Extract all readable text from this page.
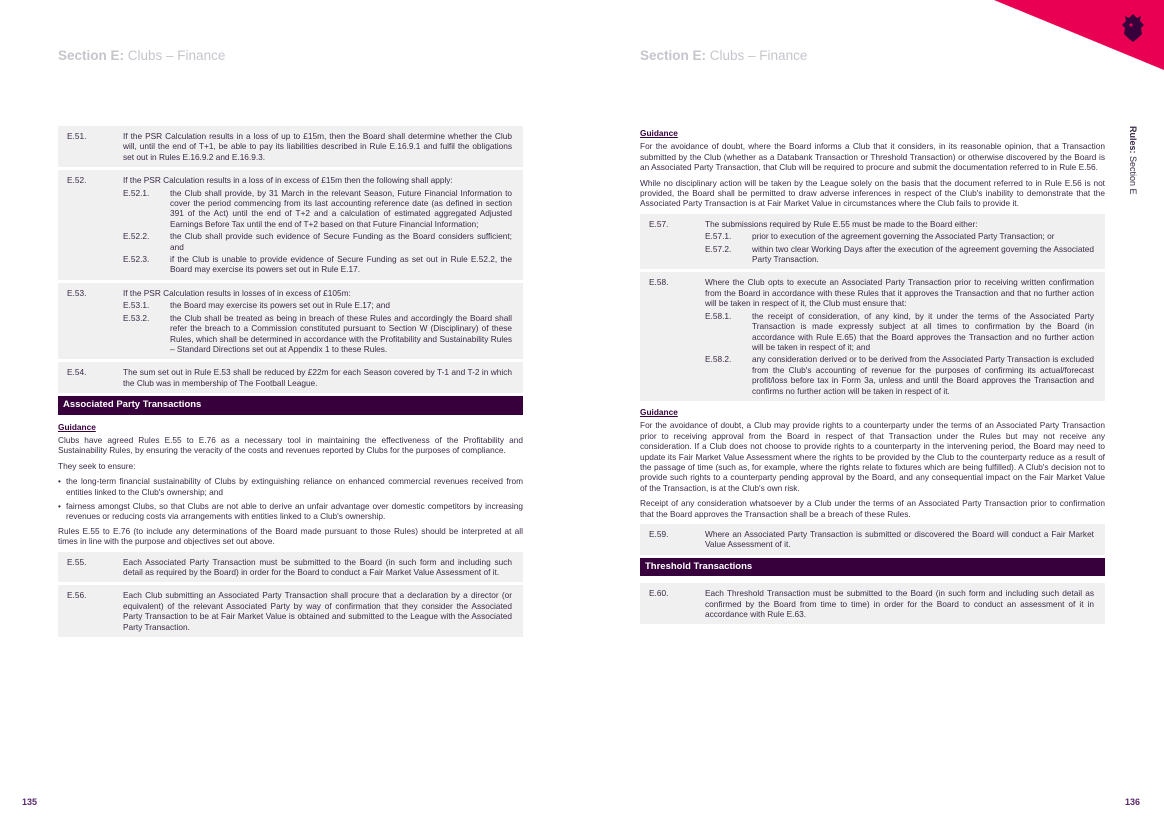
Section E: Clubs – Finance	Section E: Clubs – Finance
Rules: Section E
135	136
E.51.	If the PSR Calculation results in a loss of up to £15m, then the Board shall determine whether the Club will, until the end of T+1, be able to pay its liabilities described in Rule E.16.9.1 and fulfil the obligations set out in Rules E.16.9.2 and E.16.9.3.
E.52.	If the PSR Calculation results in a loss of in excess of £15m then the following shall apply:
E.52.1.	the Club shall provide, by 31 March in the relevant Season, Future Financial Information to cover the period commencing from its last accounting reference date (as defined in section 391 of the Act) until the end of T+2 and a calculation of estimated aggregated Adjusted Earnings Before Tax until the end of T+2 based on that Future Financial Information;
E.52.2.	the Club shall provide such evidence of Secure Funding as the Board considers sufficient; and
E.52.3.	if the Club is unable to provide evidence of Secure Funding as set out in Rule E.52.2, the Board may exercise its powers set out in Rule E.17.
E.53.	If the PSR Calculation results in losses of in excess of £105m:
E.53.1.	the Board may exercise its powers set out in Rule E.17; and
E.53.2.	the Club shall be treated as being in breach of these Rules and accordingly the Board shall refer the breach to a Commission constituted pursuant to Section W (Disciplinary) of these Rules, which shall be determined in accordance with the Profitability and Sustainability Rules – Standard Directions set out at Appendix 1 to these Rules.
E.54.	The sum set out in Rule E.53 shall be reduced by £22m for each Season covered by T-1 and T-2 in which the Club was in membership of The Football League.
Associated Party Transactions
Guidance

Clubs have agreed Rules E.55 to E.76 as a necessary tool in maintaining the effectiveness of the Profitability and Sustainability Rules, by ensuring the veracity of the costs and revenues reported by Clubs for the purposes of compliance.

They seek to ensure:

• the long-term financial sustainability of Clubs by extinguishing reliance on enhanced commercial revenues received from entities linked to the Club's ownership; and
• fairness amongst Clubs, so that Clubs are not able to derive an unfair advantage over domestic competitors by increasing revenues or reducing costs via arrangements with entities linked to a Club's ownership.

Rules E.55 to E.76 (to include any determinations of the Board made pursuant to those Rules) should be interpreted at all times in line with the purpose and objectives set out above.

E.55.	Each Associated Party Transaction must be submitted to the Board (in such form and including such detail as required by the Board) in order for the Board to conduct a Fair Market Value Assessment of it.
E.56.	Each Club submitting an Associated Party Transaction shall procure that a declaration by a director (or equivalent) of the relevant Associated Party by way of confirmation that they consider the Associated Party Transaction to be at Fair Market Value is obtained and submitted to the League with the Associated Party Transaction.
Guidance

For the avoidance of doubt, where the Board informs a Club that it considers, in its reasonable opinion, that a Transaction submitted by the Club (whether as a Databank Transaction or Threshold Transaction) or otherwise discovered by the Board is an Associated Party Transaction, that Club will be required to procure and submit the documentation referred to in Rule E.56.

While no disciplinary action will be taken by the League solely on the basis that the document referred to in Rule E.56 is not provided, the Board shall be permitted to draw adverse inferences in respect of the Club's inability to demonstrate that the Associated Party Transaction is at Fair Market Value in circumstances where the Club fails to provide it.

E.57.	The submissions required by Rule E.55 must be made to the Board either:
E.57.1.	prior to execution of the agreement governing the Associated Party Transaction; or
E.57.2.	within two clear Working Days after the execution of the agreement governing the Associated Party Transaction.
E.58.	Where the Club opts to execute an Associated Party Transaction prior to receiving written confirmation from the Board in accordance with these Rules that it approves the Transaction and that no further action will be taken in respect of it, the Club must ensure that:
E.58.1.	the receipt of consideration, of any kind, by it under the terms of the Associated Party Transaction is made expressly subject at all times to confirmation by the Board (in accordance with Rule E.65) that the Board approves the Transaction and no further action will be taken in respect of it; and
E.58.2.	any consideration derived or to be derived from the Associated Party Transaction is excluded from the Club's accounting of revenue for the purposes of confirming its actual/forecast profit/loss before tax in Form 3a, unless and until the Board approves the Transaction and confirms no further action will be taken in respect of it.
Guidance

For the avoidance of doubt, a Club may provide rights to a counterparty under the terms of an Associated Party Transaction prior to receiving approval from the Board in respect of that Transaction under the Rules but may not receive any consideration. If a Club does not choose to provide rights to a counterparty in the intervening period, the Board may need to update its Fair Market Value Assessment where the rights to be provided by the Club to the counterparty reduce as a result of the passage of time (such as, for example, where the rights relate to fixtures which are being fulfilled). A Club's decision not to provide such rights to a counterparty pending approval by the Board, and any consequential impact on the Fair Market Value of the Transaction, is at the Club's own risk.

Receipt of any consideration whatsoever by a Club under the terms of an Associated Party Transaction prior to confirmation that the Board approves the Transaction shall be a breach of these Rules.

E.59.	Where an Associated Party Transaction is submitted or discovered the Board will conduct a Fair Market Value Assessment of it.
Threshold Transactions
E.60.	Each Threshold Transaction must be submitted to the Board (in such form and including such detail as confirmed by the Board from time to time) in order for the Board to conduct an assessment of it in accordance with Rule E.63.
